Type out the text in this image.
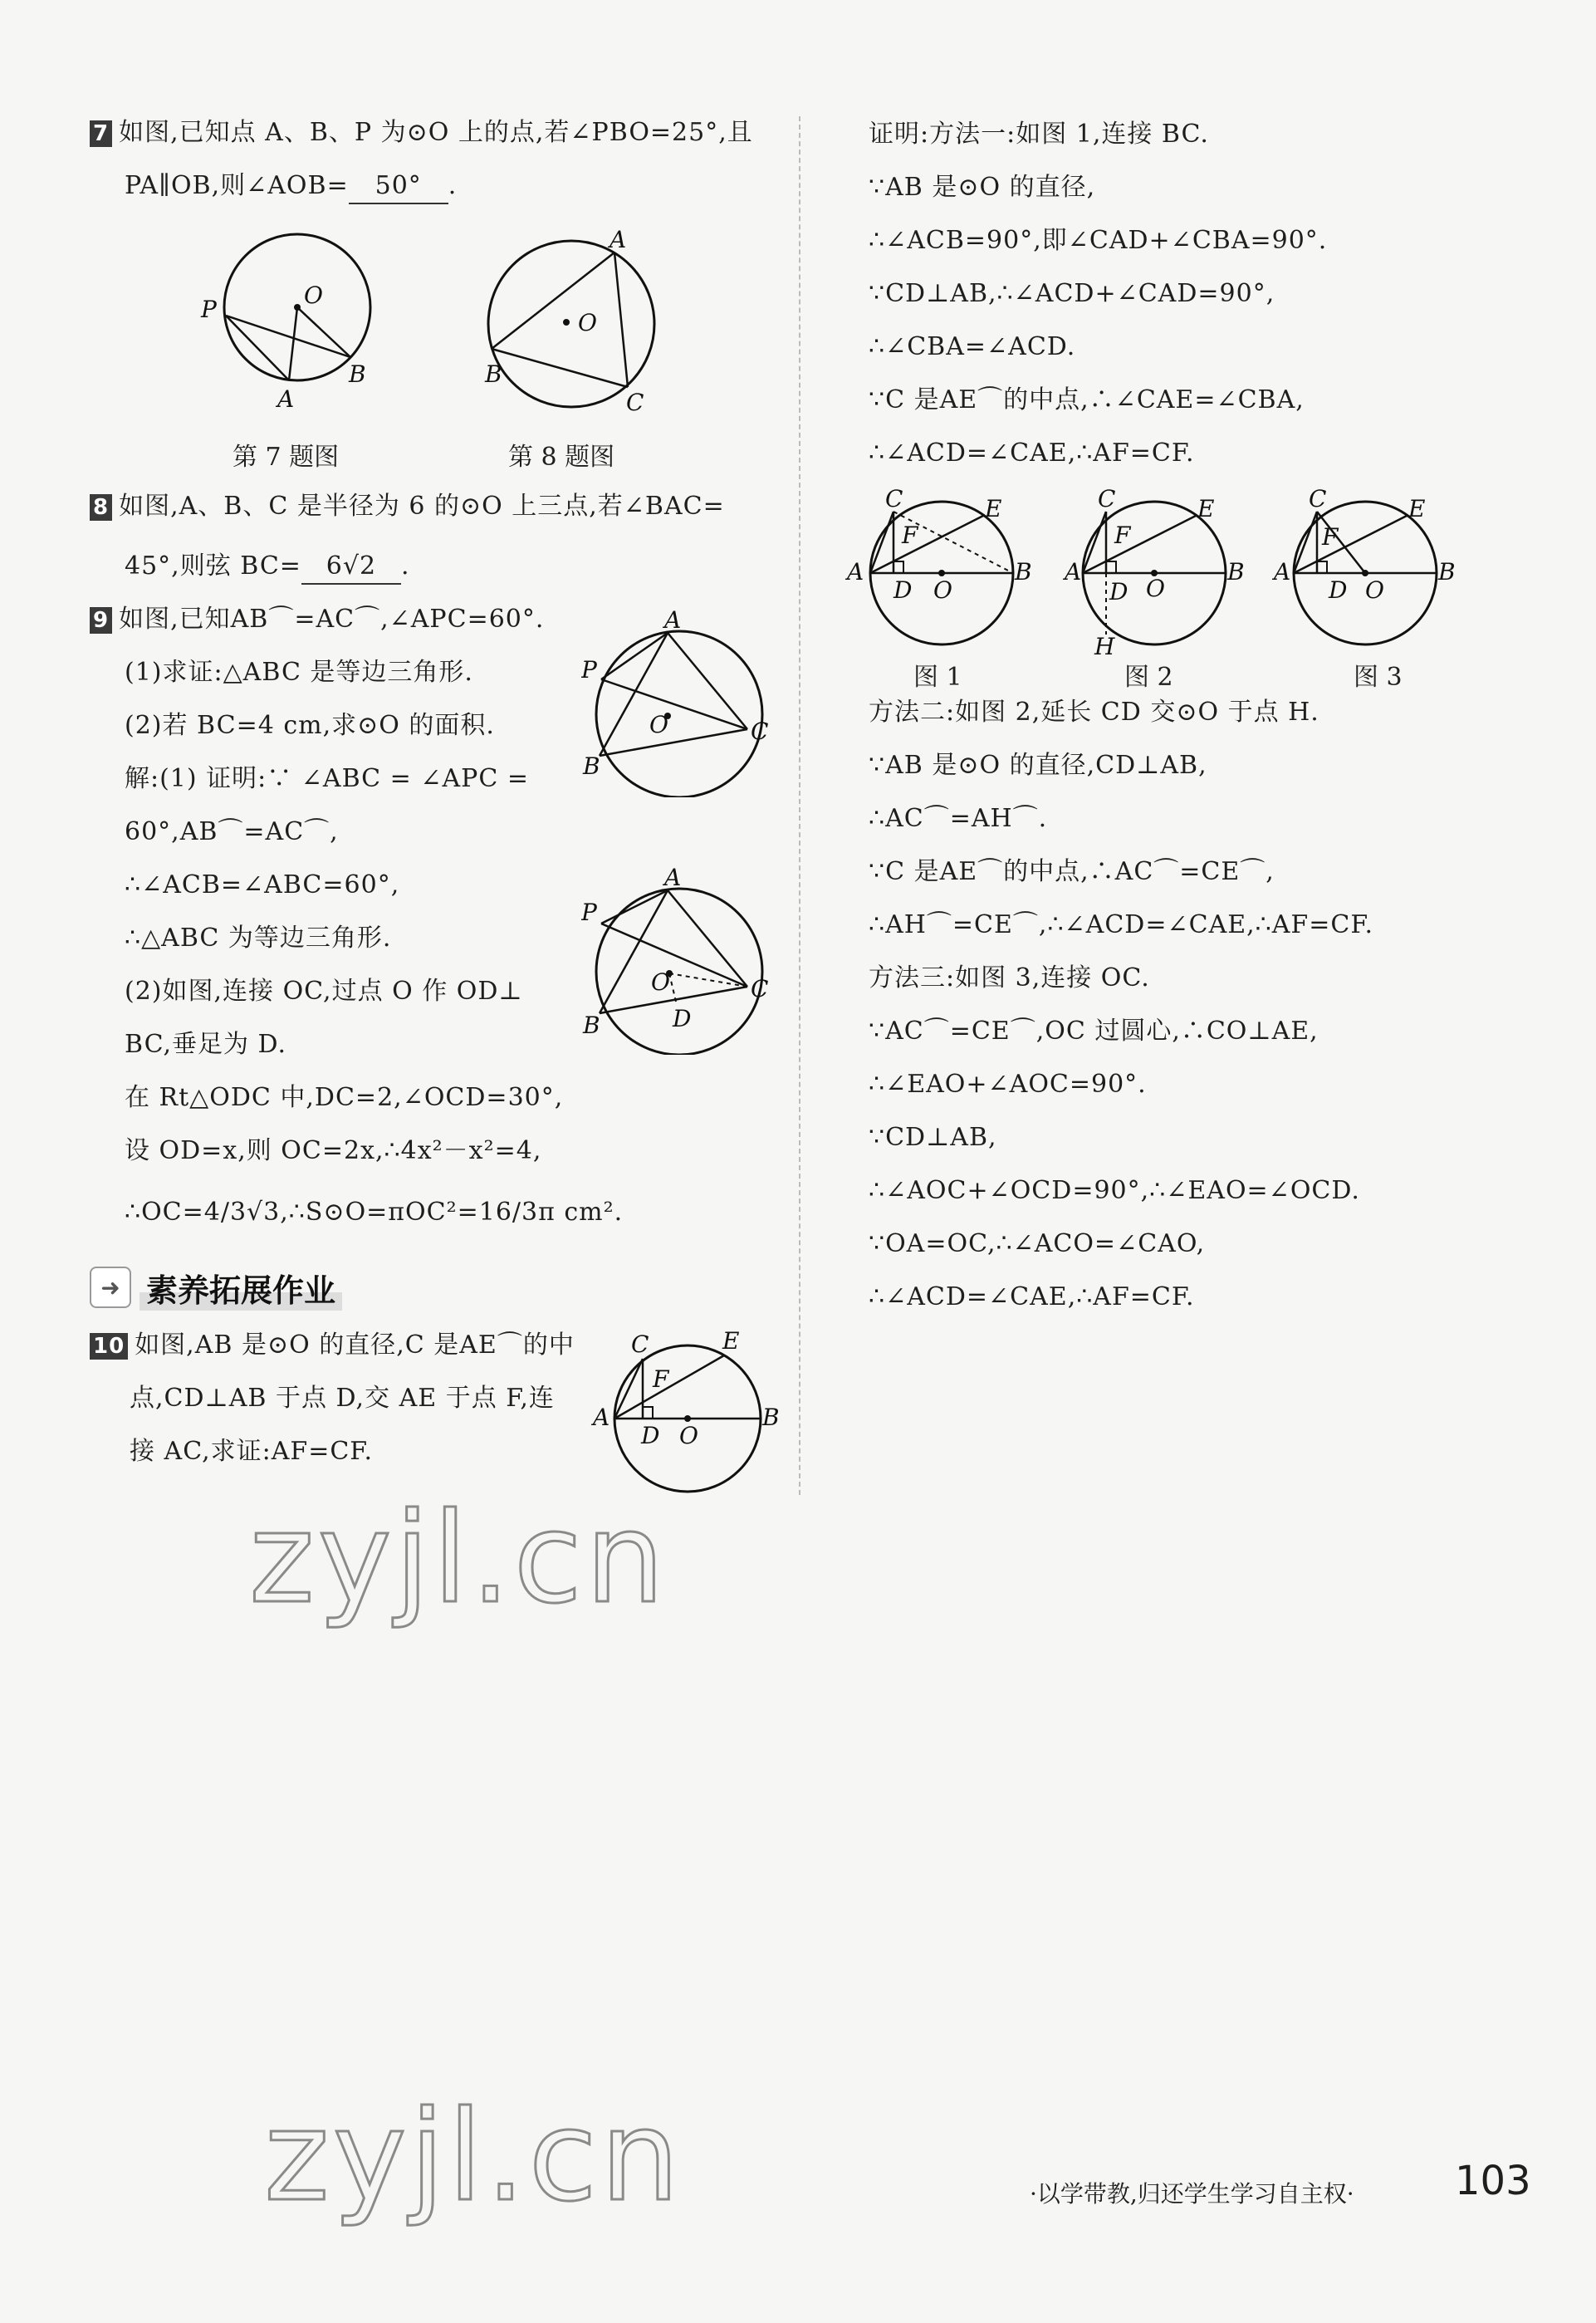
7 如图,已知点 A、B、P 为⊙O 上的点,若∠PBO=25°,且
PA∥OB,则∠AOB= 50° .
O
P
A
B
O
A
B
C
第 7 题图	第 8 题图
8 如图,A、B、C 是半径为 6 的⊙O 上三点,若∠BAC=
45°,则弦 BC= 6√2 .
9 如图,已知AB⌒=AC⌒,∠APC=60°.
(1)求证:△ABC 是等边三角形.
(2)若 BC=4 cm,求⊙O 的面积.
解:(1) 证明:∵ ∠ABC = ∠APC =
60°,AB⌒=AC⌒,
∴∠ACB=∠ABC=60°,
∴△ABC 为等边三角形.
(2)如图,连接 OC,过点 O 作 OD⊥
BC,垂足为 D.
在 Rt△ODC 中,DC=2,∠OCD=30°,
设 OD=x,则 OC=2x,∴4x²－x²=4,
∴OC=4/3√3,∴S⊙O=πOC²=16/3π cm².
O
A
P
B
C
O
D
A
P
B
C
➜ 素养拓展作业
10 如图,AB 是⊙O 的直径,C 是AE⌒的中
点,CD⊥AB 于点 D,交 AE 于点 F,连
接 AC,求证:AF=CF.
C	E
F
A
D O
B
证明:方法一:如图 1,连接 BC.
∵AB 是⊙O 的直径,
∴∠ACB=90°,即∠CAD+∠CBA=90°.
∵CD⊥AB,∴∠ACD+∠CAD=90°,
∴∠CBA=∠ACD.
∵C 是AE⌒的中点,∴∠CAE=∠CBA,
∴∠ACD=∠CAE,∴AF=CF.
C	E
F
A
D O
B
C	E
F
A
D O
B
H
C	E
F
A
D O
B
图 1	图 2	图 3
方法二:如图 2,延长 CD 交⊙O 于点 H.
∵AB 是⊙O 的直径,CD⊥AB,
∴AC⌒=AH⌒.
∵C 是AE⌒的中点,∴AC⌒=CE⌒,
∴AH⌒=CE⌒,∴∠ACD=∠CAE,∴AF=CF.
方法三:如图 3,连接 OC.
∵AC⌒=CE⌒,OC 过圆心,∴CO⊥AE,
∴∠EAO+∠AOC=90°.
∵CD⊥AB,
∴∠AOC+∠OCD=90°,∴∠EAO=∠OCD.
∵OA=OC,∴∠ACO=∠CAO,
∴∠ACD=∠CAE,∴AF=CF.
zyjl.cn
zyjl.cn	·以学带教,归还学生学习自主权·	103
